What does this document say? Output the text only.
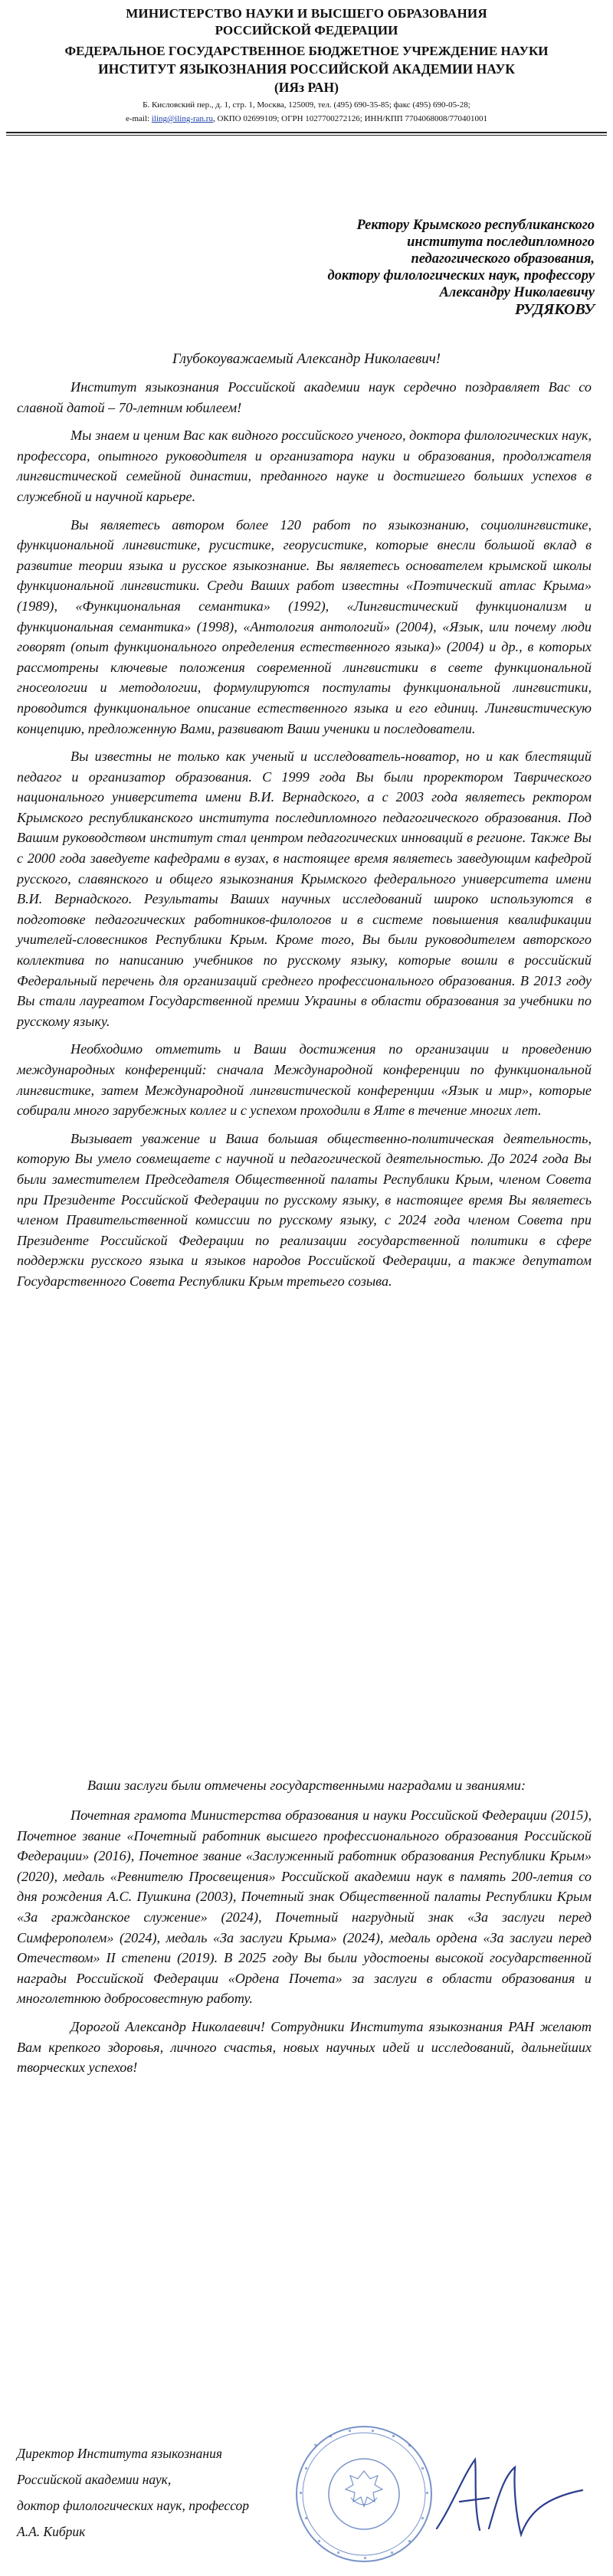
МИНИСТЕРСТВО НАУКИ И ВЫСШЕГО ОБРАЗОВАНИЯ
РОССИЙСКОЙ ФЕДЕРАЦИИ
ФЕДЕРАЛЬНОЕ ГОСУДАРСТВЕННОЕ БЮДЖЕТНОЕ УЧРЕЖДЕНИЕ НАУКИ
ИНСТИТУТ ЯЗЫКОЗНАНИЯ РОССИЙСКОЙ АКАДЕМИИ НАУК
(ИЯз РАН)
Б. Кисловский пер., д. 1, стр. 1, Москва, 125009, тел. (495) 690-35-85; факс (495) 690-05-28;
e-mail: iling@iling-ran.ru, ОКПО 02699109; ОГРН 1027700272126; ИНН/КПП 7704068008/770401001
Ректору Крымского республиканского
института последипломного
педагогического образования,
доктору филологических наук, профессору
Александру Николаевичу
РУДЯКОВУ
Глубокоуважаемый Александр Николаевич!

Институт языкознания Российской академии наук сердечно поздравляет Вас со славной датой – 70-летним юбилеем!

Мы знаем и ценим Вас как видного российского ученого, доктора филологических наук, профессора, опытного руководителя и организатора науки и образования, продолжателя лингвистической семейной династии, преданного науке и достигшего больших успехов в служебной и научной карьере.

Вы являетесь автором более 120 работ по языкознанию, социолингвистике, функциональной лингвистике, русистике, георусистике, которые внесли большой вклад в развитие теории языка и русское языкознание. Вы являетесь основателем крымской школы функциональной лингвистики. Среди Ваших работ известны «Поэтический атлас Крыма» (1989), «Функциональная семантика» (1992), «Лингвистический функционализм и функциональная семантика» (1998), «Антология антологий» (2004), «Язык, или почему люди говорят (опыт функционального определения естественного языка)» (2004) и др., в которых рассмотрены ключевые положения современной лингвистики в свете функциональной гносеологии и методологии, формулируются постулаты функциональной лингвистики, проводится функциональное описание естественного языка и его единиц. Лингвистическую концепцию, предложенную Вами, развивают Ваши ученики и последователи.

Вы известны не только как ученый и исследователь-новатор, но и как блестящий педагог и организатор образования. С 1999 года Вы были проректором Таврического национального университета имени В.И. Вернадского, а с 2003 года являетесь ректором Крымского республиканского института последипломного педагогического образования. Под Вашим руководством институт стал центром педагогических инноваций в регионе. Также Вы с 2000 года заведуете кафедрами в вузах, в настоящее время являетесь заведующим кафедрой русского, славянского и общего языкознания Крымского федерального университета имени В.И. Вернадского. Результаты Ваших научных исследований широко используются в подготовке педагогических работников-филологов и в системе повышения квалификации учителей-словесников Республики Крым. Кроме того, Вы были руководителем авторского коллектива по написанию учебников по русскому языку, которые вошли в российский Федеральный перечень для организаций среднего профессионального образования. В 2013 году Вы стали лауреатом Государственной премии Украины в области образования за учебники по русскому языку.

Необходимо отметить и Ваши достижения по организации и проведению международных конференций: сначала Международной конференции по функциональной лингвистике, затем Международной лингвистической конференции «Язык и мир», которые собирали много зарубежных коллег и с успехом проходили в Ялте в течение многих лет.

Вызывает уважение и Ваша большая общественно-политическая деятельность, которую Вы умело совмещаете с научной и педагогической деятельностью. До 2024 года Вы были заместителем Председателя Общественной палаты Республики Крым, членом Совета при Президенте Российской Федерации по русскому языку, в настоящее время Вы являетесь членом Правительственной комиссии по русскому языку, с 2024 года членом Совета при Президенте Российской Федерации по реализации государственной политики в сфере поддержки русского языка и языков народов Российской Федерации, а также депутатом Государственного Совета Республики Крым третьего созыва.

Ваши заслуги были отмечены государственными наградами и званиями:

Почетная грамота Министерства образования и науки Российской Федерации (2015), Почетное звание «Почетный работник высшего профессионального образования Российской Федерации» (2016), Почетное звание «Заслуженный работник образования Республики Крым» (2020), медаль «Ревнителю Просвещения» Российской академии наук в память 200-летия со дня рождения А.С. Пушкина (2003), Почетный знак Общественной палаты Республики Крым «За гражданское служение» (2024), Почетный нагрудный знак «За заслуги перед Симферополем» (2024), медаль «За заслуги Крыма» (2024), медаль ордена «За заслуги перед Отечеством» II степени (2019). В 2025 году Вы были удостоены высокой государственной награды Российской Федерации «Ордена Почета» за заслуги в области образования и многолетнюю добросовестную работу.

Дорогой Александр Николаевич! Сотрудники Института языкознания РАН желают Вам крепкого здоровья, личного счастья, новых научных идей и исследований, дальнейших творческих успехов!

Директор Института языкознания
Российской академии наук,
доктор филологических наук, профессор
А.А. Кибрик
